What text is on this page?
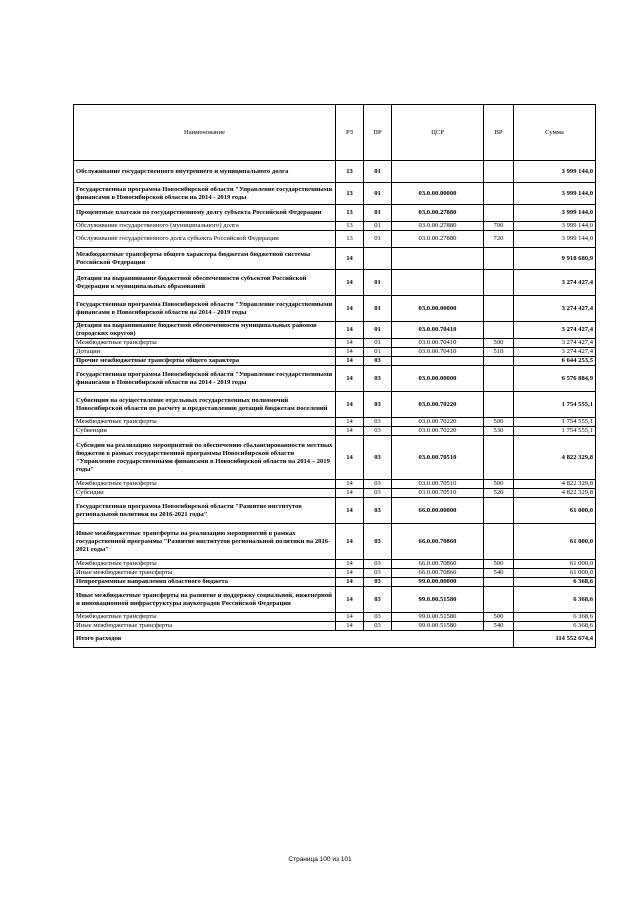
Наименование	РЗ	ПР	ЦСР	ВР	Сумма
Обслуживание государственного внутреннего и муниципального долга	13	01			3 999 144,0
Государственная программа Новосибирской области "Управление государственными финансами в Новосибирской области на 2014 - 2019 годы	13	01	03.0.00.00000		3 999 144,0
Процентные платежи по государственному долгу субъекта Российской Федерации	13	01	03.0.00.27880		3 999 144,0
Обслуживание государственного (муниципального) долга	13	01	03.0.00.27880	700	3 999 144,0
Обслуживание государственного долга субъекта Российской Федерации	13	01	03.0.00.27880	720	3 999 144,0
Межбюджетные трансферты общего характера бюджетам бюджетной системы Российской Федерации	14				9 918 680,9
Дотации на выравнивание бюджетной обеспеченности субъектов Российской Федерации и муниципальных образований	14	01			3 274 427,4
Государственная программа Новосибирской области "Управление государственными финансами в Новосибирской области на 2014 - 2019 годы	14	01	03.0.00.00000		3 274 427,4
Дотации на выравнивание бюджетной обеспеченности муниципальных районов (городских округов)	14	01	03.0.00.70410		3 274 427,4
Межбюджетные трансферты	14	01	03.0.00.70410	500	3 274 427,4
Дотации	14	01	03.0.00.70410	510	3 274 427,4
Прочие межбюджетные трансферты общего характера	14	03			6 644 253,5
Государственная программа Новосибирской области "Управление государственными финансами в Новосибирской области на 2014 - 2019 годы	14	03	03.0.00.00000		6 576 884,9
Субвенция на осуществление отдельных государственных полномочий Новосибирской области по расчету и предоставлению дотаций бюджетам поселений	14	03	03.0.00.70220		1 754 555,1
Межбюджетные трансферты	14	03	03.0.00.70220	500	1 754 555,1
Субвенции	14	03	03.0.00.70220	530	1 754 555,1
Субсидии на реализацию мероприятий по обеспечению сбалансированности местных бюджетов в рамках государственной программы Новосибирской области "Управление государственными финансами в Новосибирской области на 2014 – 2019 годы"	14	03	03.0.00.70510		4 822 329,8
Межбюджетные трансферты	14	03	03.0.00.70510	500	4 822 329,8
Субсидии	14	03	03.0.00.70510	520	4 822 329,8
Государственная программа Новосибирской области "Развитие институтов региональной политики на 2016-2021 годы"	14	03	66.0.00.00000		61 000,0
Иные межбюджетные трансферты на реализацию мероприятий в рамках государственной программы "Развитие институтов региональной политики на 2016-2021 годы"	14	03	66.0.00.70860		61 000,0
Межбюджетные трансферты	14	03	66.0.00.70860	500	61 000,0
Иные межбюджетные трансферты	14	03	66.0.00.70860	540	61 000,0
Непрограммные направления областного бюджета	14	03	99.0.00.00000		6 368,6
Иные межбюджетные трансферты на развитие и поддержку социальной, инженерной и инновационной инфраструктуры наукоградов Российской Федерации	14	03	99.0.00.51580		6 368,6
Межбюджетные трансферты	14	03	99.0.00.51580	500	6 368,6
Иные межбюджетные трансферты	14	03	99.0.00.51580	540	6 368,6
Итого расходов					114 552 674,4
Страница 100 из 101
